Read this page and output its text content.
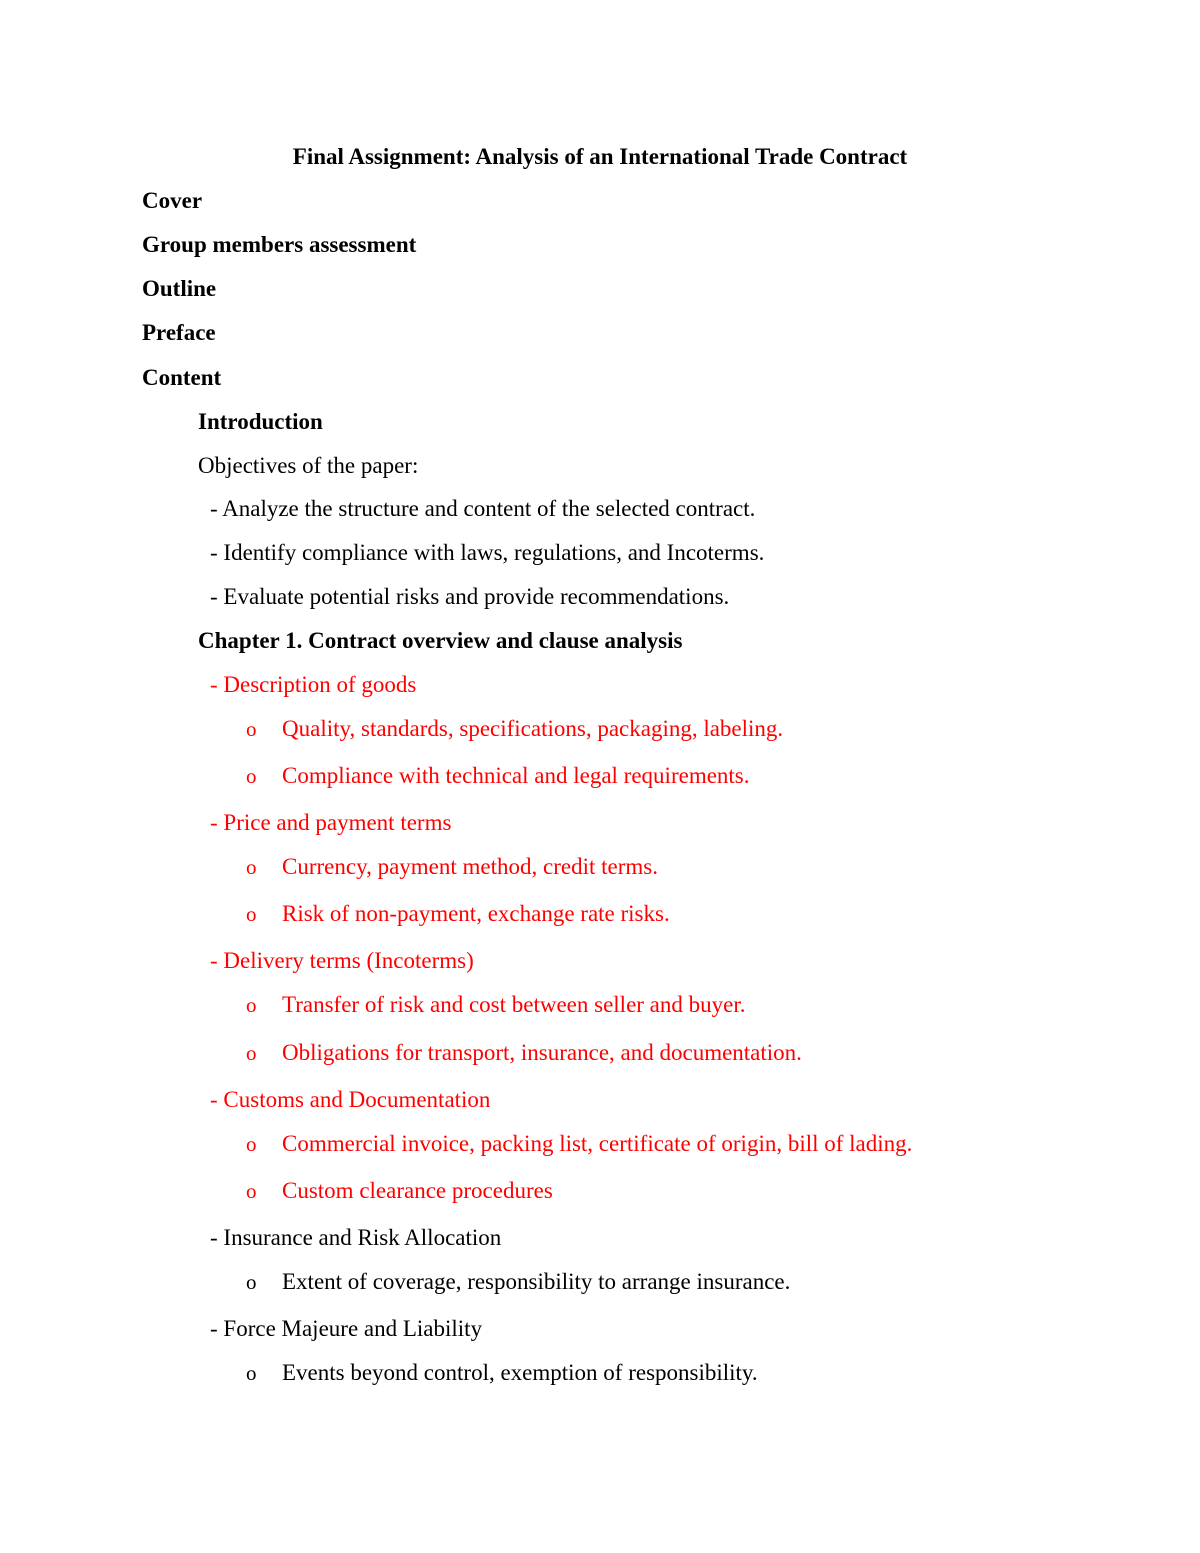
Final Assignment: Analysis of an International Trade Contract
Cover
Group members assessment
Outline
Preface
Content
Introduction
Objectives of the paper:
- Analyze the structure and content of the selected contract.
- Identify compliance with laws, regulations, and Incoterms.
- Evaluate potential risks and provide recommendations.
Chapter 1. Contract overview and clause analysis
- Description of goods
o Quality, standards, specifications, packaging, labeling.
o Compliance with technical and legal requirements.
- Price and payment terms
o Currency, payment method, credit terms.
o Risk of non-payment, exchange rate risks.
- Delivery terms (Incoterms)
o Transfer of risk and cost between seller and buyer.
o Obligations for transport, insurance, and documentation.
- Customs and Documentation
o Commercial invoice, packing list, certificate of origin, bill of lading.
o Custom clearance procedures
- Insurance and Risk Allocation
o Extent of coverage, responsibility to arrange insurance.
- Force Majeure and Liability
o Events beyond control, exemption of responsibility.
